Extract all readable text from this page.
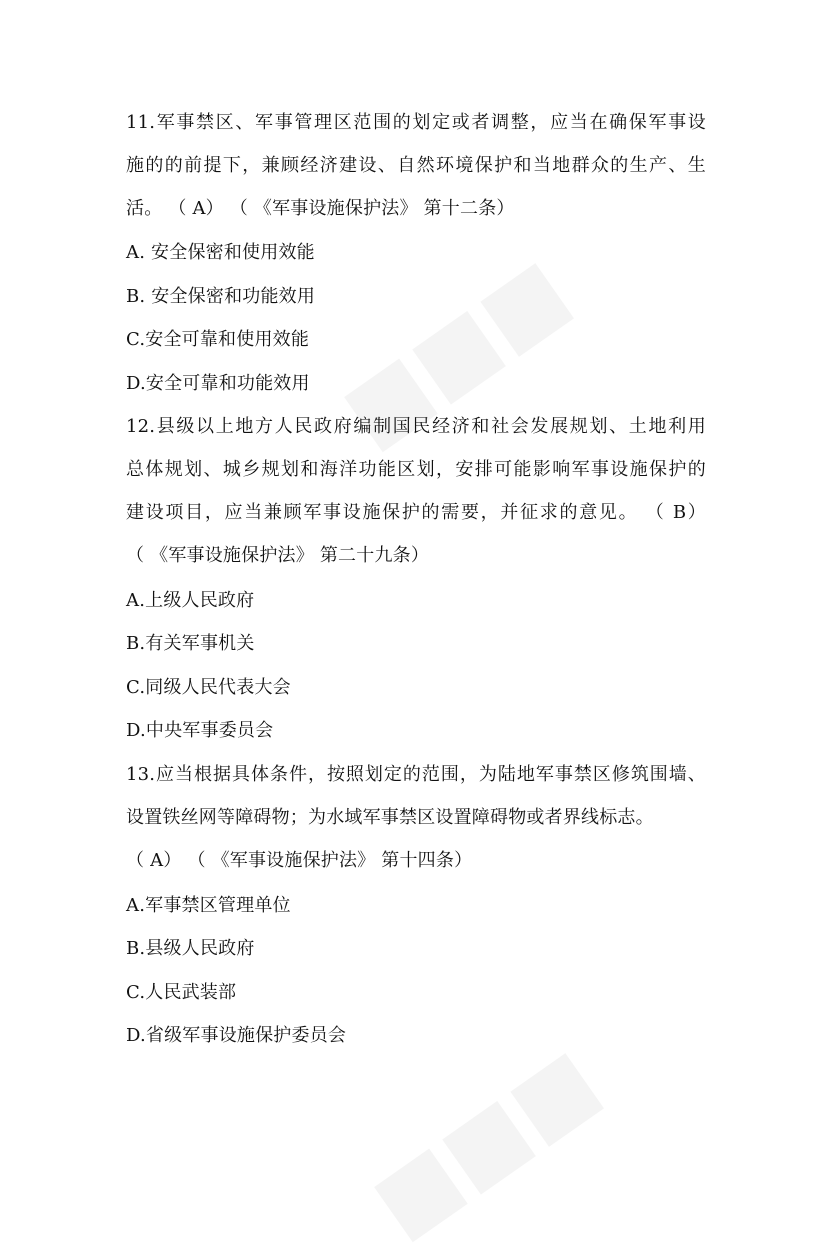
11.军事禁区、军事管理区范围的划定或者调整，应当在确保军事设
施的的前提下，兼顾经济建设、自然环境保护和当地群众的生产、生
活。 （ A） （ 《军事设施保护法》 第十二条）
A. 安全保密和使用效能
B. 安全保密和功能效用
C.安全可靠和使用效能
D.安全可靠和功能效用
12.县级以上地方人民政府编制国民经济和社会发展规划、土地利用
总体规划、城乡规划和海洋功能区划，安排可能影响军事设施保护的
建设项目，应当兼顾军事设施保护的需要，并征求的意见。 （ B）
（ 《军事设施保护法》 第二十九条）
A.上级人民政府
B.有关军事机关
C.同级人民代表大会
D.中央军事委员会
13.应当根据具体条件，按照划定的范围，为陆地军事禁区修筑围墙、
设置铁丝网等障碍物；为水域军事禁区设置障碍物或者界线标志。
（ A） （ 《军事设施保护法》 第十四条）
A.军事禁区管理单位
B.县级人民政府
C.人民武装部
D.省级军事设施保护委员会
